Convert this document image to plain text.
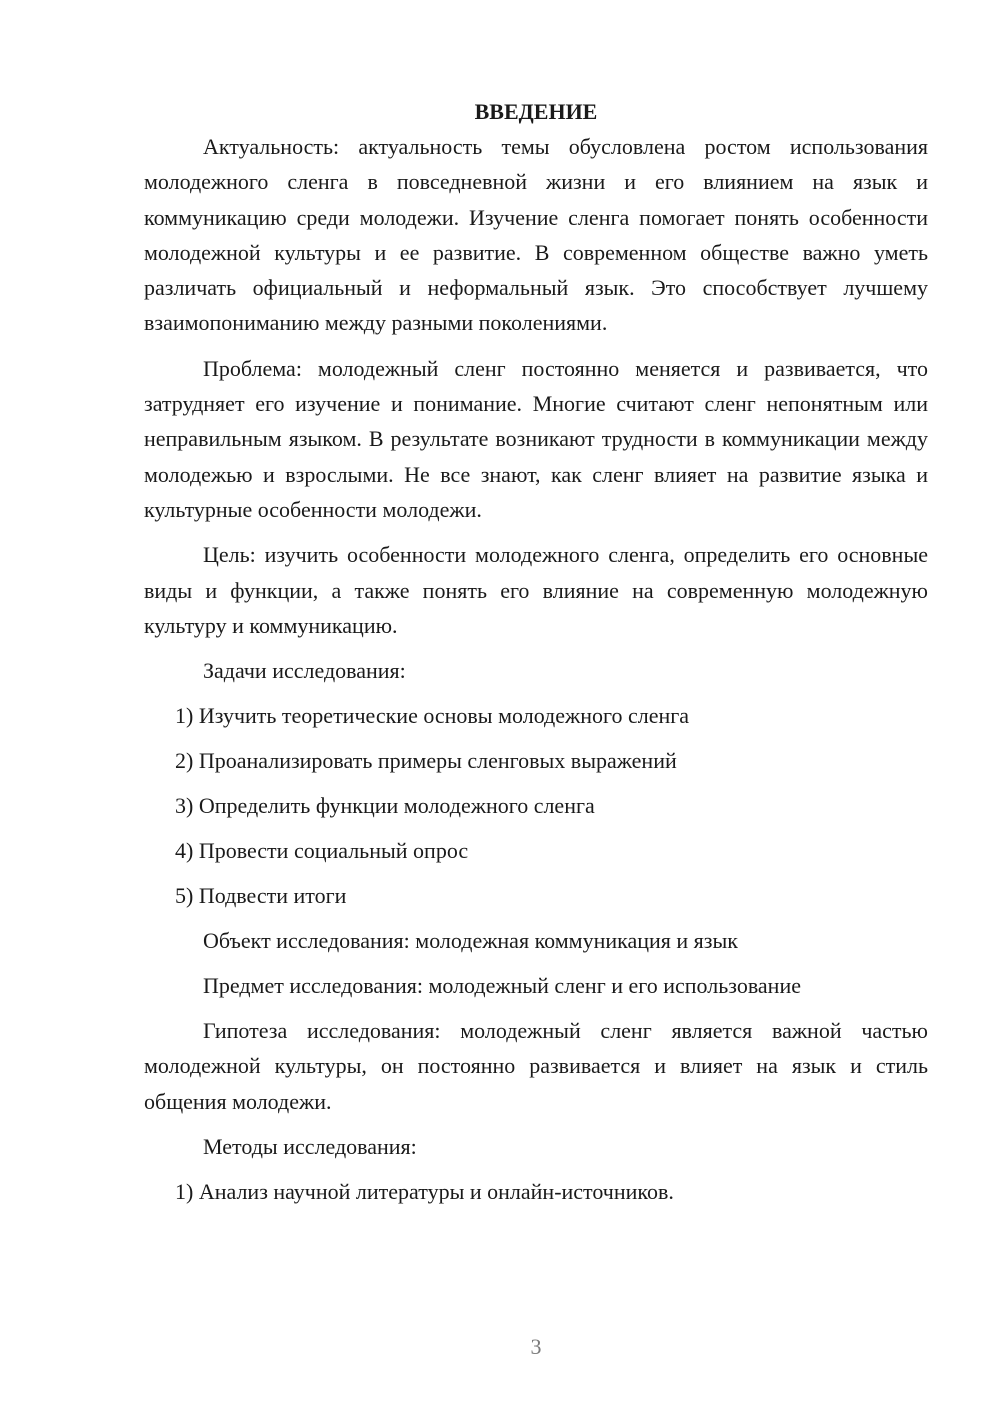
ВВЕДЕНИЕ

Актуальность: актуальность темы обусловлена ростом использования молодежного сленга в повседневной жизни и его влиянием на язык и коммуникацию среди молодежи. Изучение сленга помогает понять особенности молодежной культуры и ее развитие. В современном обществе важно уметь различать официальный и неформальный язык. Это способствует лучшему взаимопониманию между разными поколениями.

Проблема: молодежный сленг постоянно меняется и развивается, что затрудняет его изучение и понимание. Многие считают сленг непонятным или неправильным языком. В результате возникают трудности в коммуникации между молодежью и взрослыми. Не все знают, как сленг влияет на развитие языка и культурные особенности молодежи.

Цель: изучить особенности молодежного сленга, определить его основные виды и функции, а также понять его влияние на современную молодежную культуру и коммуникацию.

Задачи исследования:

1) Изучить теоретические основы молодежного сленга

2) Проанализировать примеры сленговых выражений

3) Определить функции молодежного сленга

4) Провести социальный опрос

5) Подвести итоги

Объект исследования: молодежная коммуникация и язык

Предмет исследования: молодежный сленг и его использование

Гипотеза исследования: молодежный сленг является важной частью молодежной культуры, он постоянно развивается и влияет на язык и стиль общения молодежи.

Методы исследования:

1) Анализ научной литературы и онлайн-источников.

3
